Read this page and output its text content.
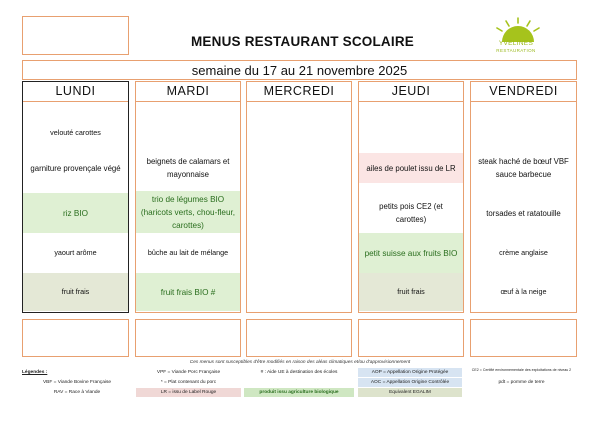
MENUS RESTAURANT SCOLAIRE	YVELINES
RESTAURATION
semaine du 17 au 21 novembre 2025
LUNDI
velouté carottes
garniture provençale végé
riz BIO
yaourt arôme
fruit frais
MARDI
beignets de calamars et mayonnaise
trio de légumes BIO (haricots verts, chou-fleur, carottes)
bûche au lait de mélange
fruit frais BIO #
MERCREDI	JEUDI
ailes de poulet issu de LR
petits pois CE2 (et carottes)
petit suisse aux fruits BIO
fruit frais
VENDREDI
steak haché de bœuf VBF sauce barbecue
torsades et ratatouille
crème anglaise
œuf à la neige
Ces menus sont susceptibles d'être modifiés en raison des aléas climatiques et/ou d'approvisionnement
Légendes :	VPF = Viande Porc Française	# : Aide UE à destination des écoles	AOP = Appellation Origine Protégée	CE2 = Certifié environnementale des exploitations de niveau 2
VBF = Viande Bovine Française	* = Plat contenant du porc	AOC = Appellation Origine Contrôlée	pdt = pomme de terre
RAV = Race à Viande	LR = issu de Label Rouge	produit issu agriculture biologique	Equivalent EGALIM
